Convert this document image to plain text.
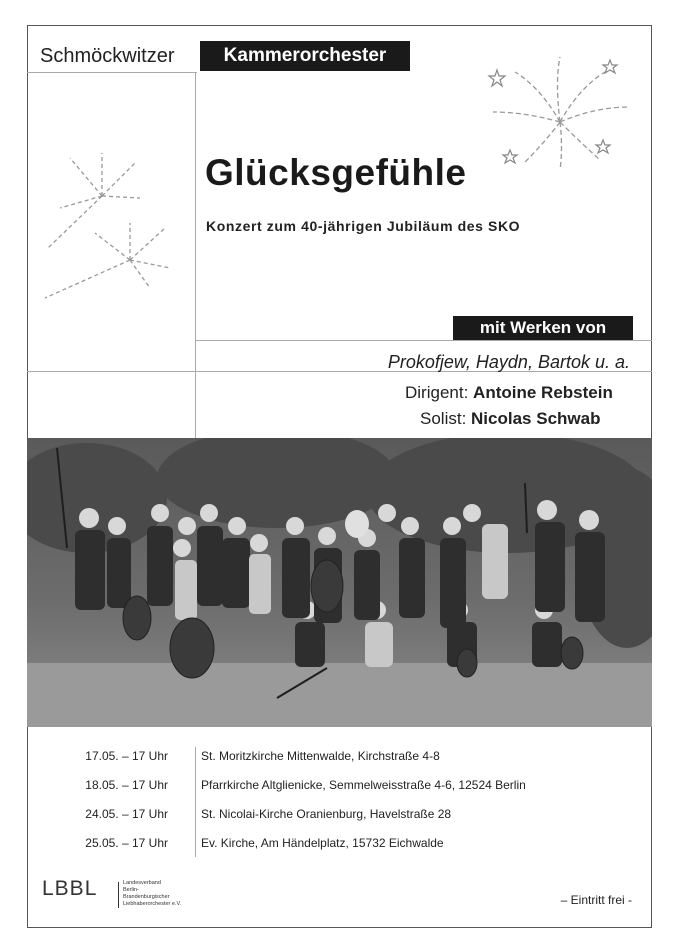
Schmöckwitzer	Kammerorchester
Glücksgefühle
Konzert zum 40-jährigen Jubiläum des SKO
mit Werken von
Prokofjew, Haydn, Bartok u. a.
Dirigent: Antoine Rebstein
Solist: Nicolas Schwab
17.05. – 17 Uhr	St. Moritzkirche Mittenwalde, Kirchstraße 4-8
18.05. – 17 Uhr	Pfarrkirche Altglienicke, Semmelweisstraße 4-6, 12524 Berlin
24.05. – 17 Uhr	St. Nicolai-Kirche Oranienburg, Havelstraße 28
25.05. – 17 Uhr	Ev. Kirche, Am Händelplatz, 15732 Eichwalde
LBBL	Landesverband
Berlin-Brandenburgischer
Liebhaberorchester e.V.	– Eintritt frei -
